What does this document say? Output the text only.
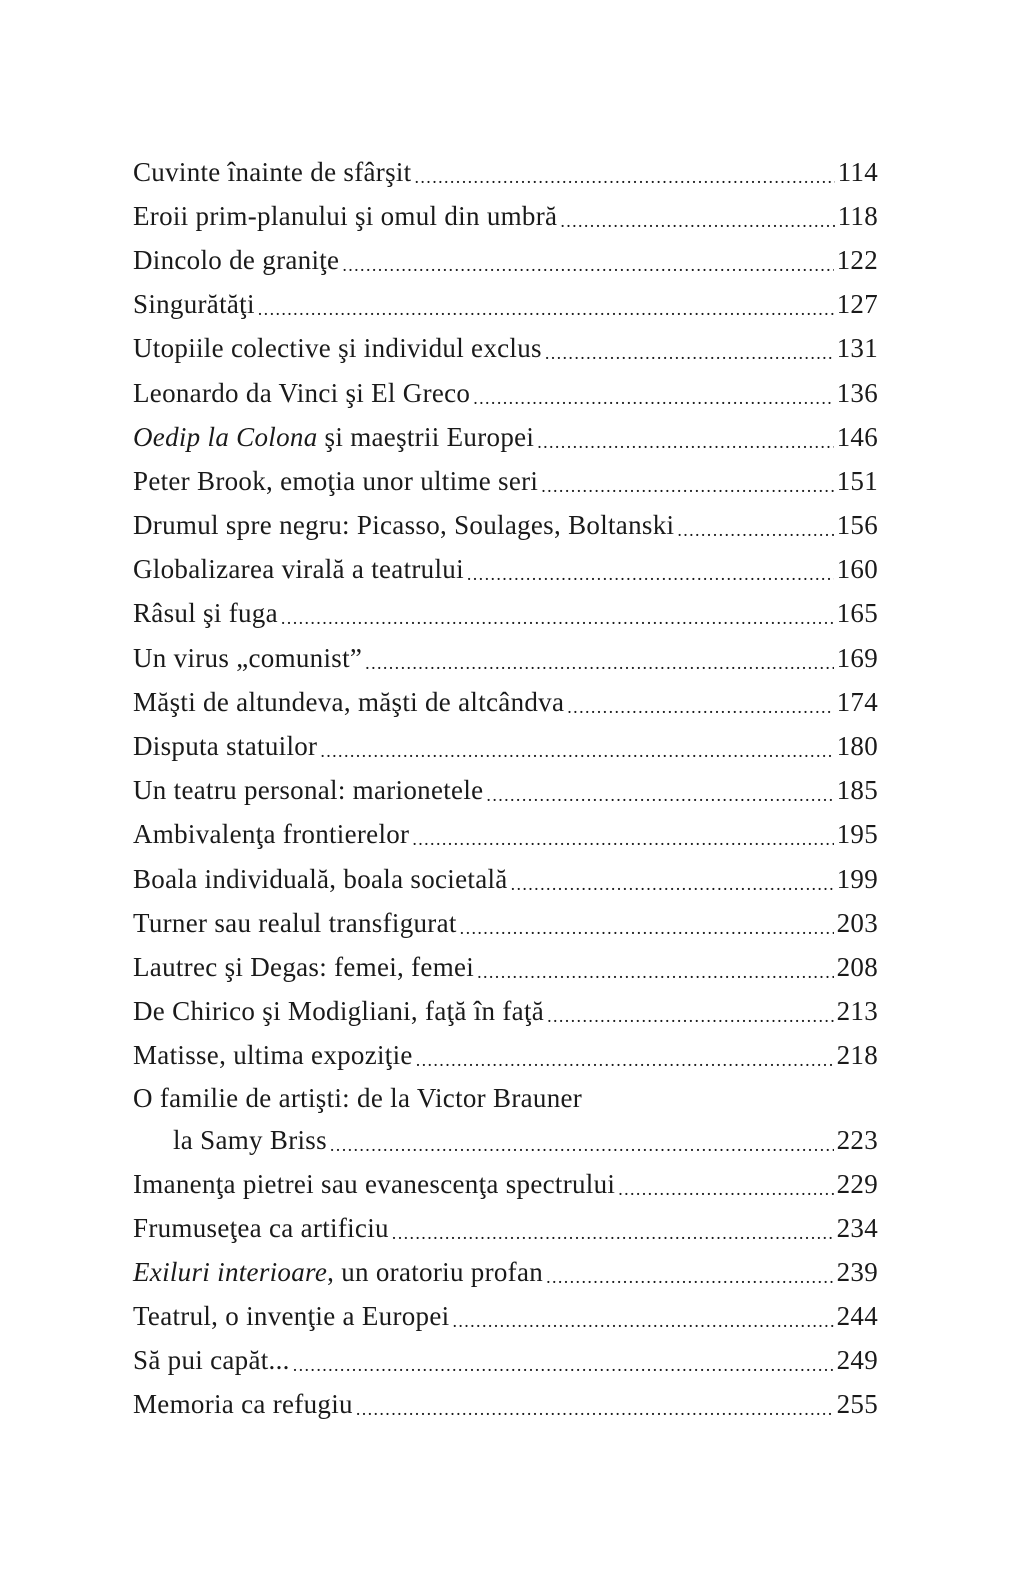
Cuvinte înainte de sfârşit .....	114
Eroii prim-planului şi omul din umbră .....	118
Dincolo de graniţe .....	122
Singurătăţi .....	127
Utopiile colective şi individul exclus .....	131
Leonardo da Vinci şi El Greco .....	136
Oedip la Colona şi maeştrii Europei .....	146
Peter Brook, emoţia unor ultime seri .....	151
Drumul spre negru: Picasso, Soulages, Boltanski .....	156
Globalizarea virală a teatrului .....	160
Râsul şi fuga .....	165
Un virus „comunist” .....	169
Măşti de altundeva, măşti de altcândva .....	174
Disputa statuilor .....	180
Un teatru personal: marionetele .....	185
Ambivalenţa frontierelor .....	195
Boala individuală, boala societală .....	199
Turner sau realul transfigurat .....	203
Lautrec şi Degas: femei, femei .....	208
De Chirico şi Modigliani, faţă în faţă .....	213
Matisse, ultima expoziţie .....	218
O familie de artişti: de la Victor Brauner
la Samy Briss .....	223
Imanenţa pietrei sau evanescenţa spectrului .....	229
Frumuseţea ca artificiu .....	234
Exiluri interioare, un oratoriu profan .....	239
Teatrul, o invenţie a Europei .....	244
Să pui capăt... .....	249
Memoria ca refugiu .....	255
